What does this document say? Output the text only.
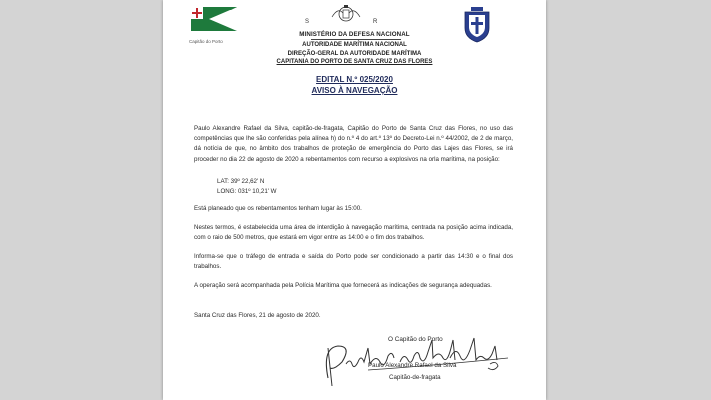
Capitão do Porto
S	R
MINISTÉRIO DA DEFESA NACIONAL
AUTORIDADE MARÍTIMA NACIONAL
DIREÇÃO-GERAL DA AUTORIDADE MARÍTIMA
CAPITANIA DO PORTO DE SANTA CRUZ DAS FLORES
EDITAL N.º 025/2020
AVISO À NAVEGAÇÃO
Paulo Alexandre Rafael da Silva, capitão-de-fragata, Capitão do Porto de Santa Cruz das Flores, no uso das competências que lhe são conferidas pela alínea h) do n.º 4 do art.º 13º do Decreto-Lei n.º 44/2002, de 2 de março, dá notícia de que, no âmbito dos trabalhos de proteção de emergência do Porto das Lajes das Flores, se irá proceder no dia 22 de agosto de 2020 a rebentamentos com recurso a explosivos na orla marítima, na posição:
LAT: 39º 22,62' N
LONG: 031º 10,21' W
Está planeado que os rebentamentos tenham lugar às 15:00.
Nestes termos, é estabelecida uma área de interdição à navegação marítima, centrada na posição acima indicada, com o raio de 500 metros, que estará em vigor entre as 14:00 e o fim dos trabalhos.
Informa-se que o tráfego de entrada e saída do Porto pode ser condicionado a partir das 14:30 e o final dos trabalhos.
A operação será acompanhada pela Polícia Marítima que fornecerá as indicações de segurança adequadas.
Santa Cruz das Flores, 21 de agosto de 2020.
O Capitão do Porto
Paulo Alexandre Rafael da Silva
Capitão-de-fragata
